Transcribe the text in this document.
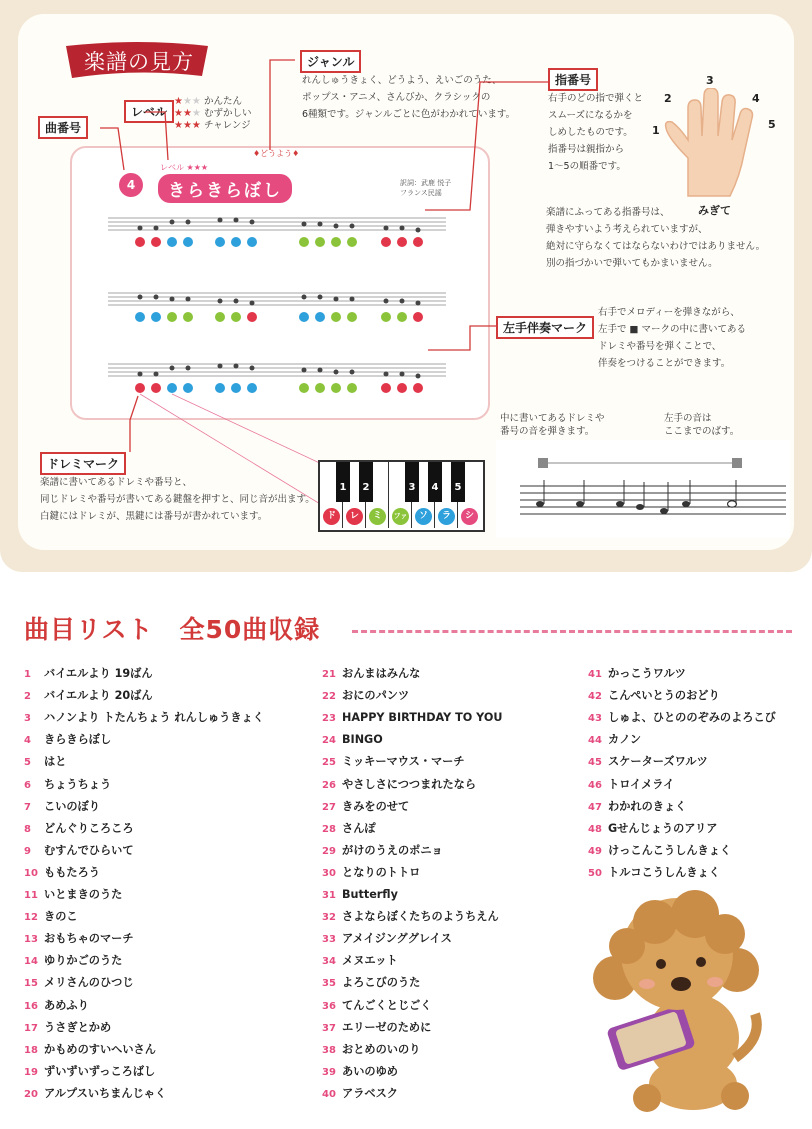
楽譜の見方	ジャンル
れんしゅうきょく、どうよう、えいごのうた、
ポップス・アニメ、さんびか、クラシックの
6種類です。ジャンルごとに色がわかれています。
レベル
★★★ かんたん
★★★ むずかしい
★★★ チャレンジ
曲番号
指番号
右手のどの指で弾くと
スムーズになるかを
しめしたものです。
指番号は親指から
1～5の順番です。
1
2
3
4
5
みぎて
楽譜にふってある指番号は、
弾きやすいよう考えられていますが、
絶対に守らなくてはならないわけではありません。
別の指づかいで弾いてもかまいません。
左手伴奏マーク
右手でメロディーを弾きながら、
左手で ■ マークの中に書いてある
ドレミや番号を弾くことで、
伴奏をつけることができます。
♦どうよう♦
4
レベル ★★★
きらきらぼし	訳詞：武鹿 悦子
フランス民謡
ドレミマーク
楽譜に書いてあるドレミや番号と、
同じドレミや番号が書いてある鍵盤を押すと、同じ音が出ます。
白鍵にはドレミが、黒鍵には番号が書かれています。	ド	レ	ミ	ファ	ソ	ラ	シ
1	2	3	4	5
中に書いてあるドレミや
番号の音を弾きます。
左手の音は
ここまでのばす。
曲目リスト　全50曲収録
1 バイエルより 19ばん
2 バイエルより 20ばん
3 ハノンより トたんちょう れんしゅうきょく
4 きらきらぼし
5 はと
6 ちょうちょう
7 こいのぼり
8 どんぐりころころ
9 むすんでひらいて
10 ももたろう
11 いとまきのうた
12 きのこ
13 おもちゃのマーチ
14 ゆりかごのうた
15 メリさんのひつじ
16 あめふり
17 うさぎとかめ
18 かもめのすいへいさん
19 ずいずいずっころばし
20 アルプスいちまんじゃく
21 おんまはみんな
22 おにのパンツ
23 HAPPY BIRTHDAY TO YOU
24 BINGO
25 ミッキーマウス・マーチ
26 やさしさにつつまれたなら
27 きみをのせて
28 さんぽ
29 がけのうえのポニョ
30 となりのトトロ
31 Butterfly
32 さよならぼくたちのようちえん
33 アメイジンググレイス
34 メヌエット
35 よろこびのうた
36 てんごくとじごく
37 エリーゼのために
38 おとめのいのり
39 あいのゆめ
40 アラベスク
41 かっこうワルツ
42 こんぺいとうのおどり
43 しゅよ、ひとののぞみのよろこび
44 カノン
45 スケーターズワルツ
46 トロイメライ
47 わかれのきょく
48 Gせんじょうのアリア
49 けっこんこうしんきょく
50 トルコこうしんきょく
